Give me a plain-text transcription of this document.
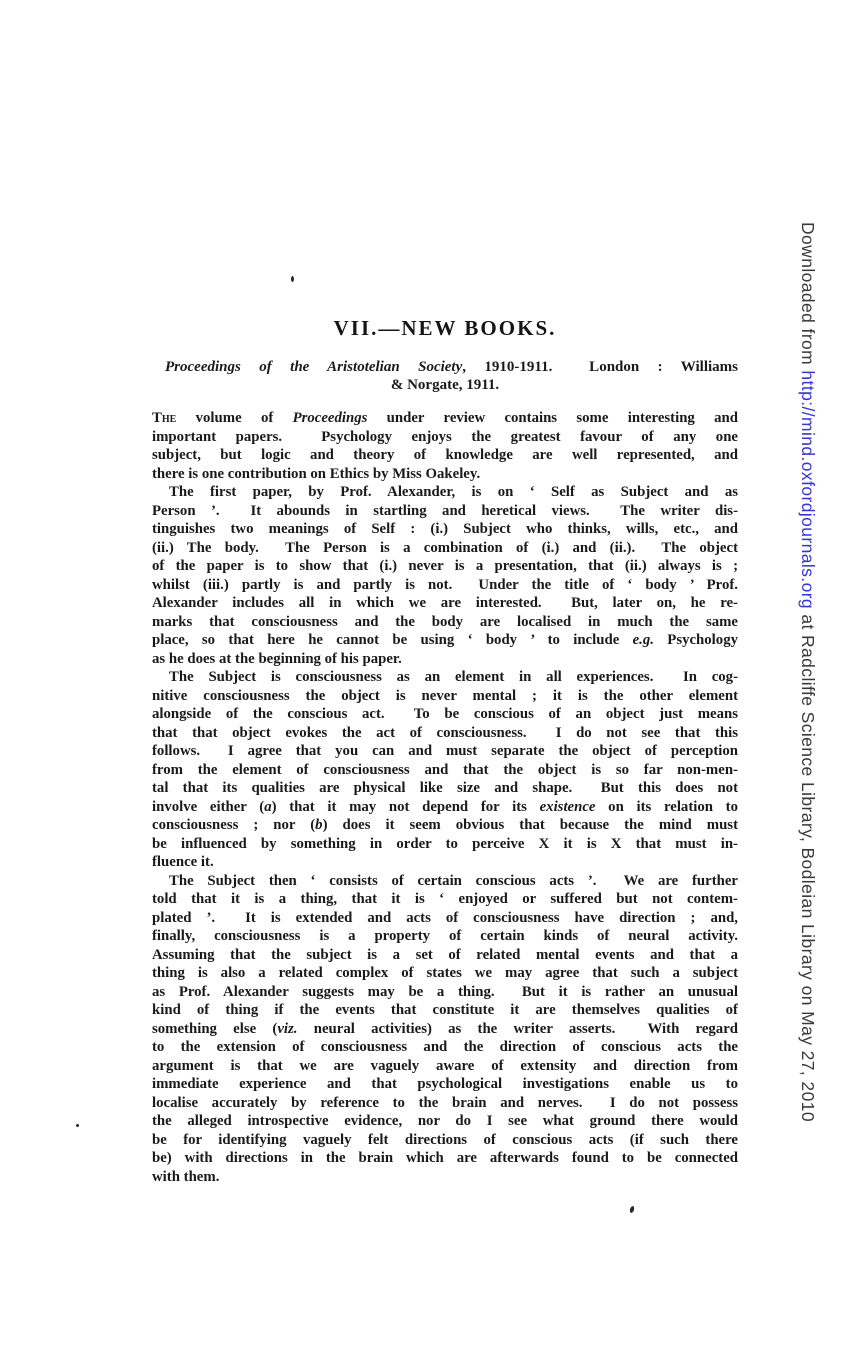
VII.—NEW BOOKS.
Proceedings of the Aristotelian Society, 1910-1911.  London : Williams
& Norgate, 1911.
The volume of Proceedings under review contains some interesting and
important papers.  Psychology enjoys the greatest favour of any one
subject, but logic and theory of knowledge are well represented, and
there is one contribution on Ethics by Miss Oakeley.
The first paper, by Prof. Alexander, is on ‘ Self as Subject and as
Person ’.  It abounds in startling and heretical views.  The writer dis-
tinguishes two meanings of Self : (i.) Subject who thinks, wills, etc., and
(ii.) The body.  The Person is a combination of (i.) and (ii.).  The object
of the paper is to show that (i.) never is a presentation, that (ii.) always is ;
whilst (iii.) partly is and partly is not.  Under the title of ‘ body ’ Prof.
Alexander includes all in which we are interested.  But, later on, he re-
marks that consciousness and the body are localised in much the same
place, so that here he cannot be using ‘ body ’ to include e.g. Psychology
as he does at the beginning of his paper.
The Subject is consciousness as an element in all experiences.  In cog-
nitive consciousness the object is never mental ; it is the other element
alongside of the conscious act.  To be conscious of an object just means
that that object evokes the act of consciousness.  I do not see that this
follows.  I agree that you can and must separate the object of perception
from the element of consciousness and that the object is so far non-men-
tal that its qualities are physical like size and shape.  But this does not
involve either (a) that it may not depend for its existence on its relation to
consciousness ; nor (b) does it seem obvious that because the mind must
be influenced by something in order to perceive X it is X that must in-
fluence it.
The Subject then ‘ consists of certain conscious acts ’.  We are further
told that it is a thing, that it is ‘ enjoyed or suffered but not contem-
plated ’.  It is extended and acts of consciousness have direction ; and,
finally, consciousness is a property of certain kinds of neural activity.
Assuming that the subject is a set of related mental events and that a
thing is also a related complex of states we may agree that such a subject
as Prof. Alexander suggests may be a thing.  But it is rather an unusual
kind of thing if the events that constitute it are themselves qualities of
something else (viz. neural activities) as the writer asserts.  With regard
to the extension of consciousness and the direction of conscious acts the
argument is that we are vaguely aware of extensity and direction from
immediate experience and that psychological investigations enable us to
localise accurately by reference to the brain and nerves.  I do not possess
the alleged introspective evidence, nor do I see what ground there would
be for identifying vaguely felt directions of conscious acts (if such there
be) with directions in the brain which are afterwards found to be connected
with them.
Downloaded from http://mind.oxfordjournals.org at Radcliffe Science Library, Bodleian Library on May 27, 2010
